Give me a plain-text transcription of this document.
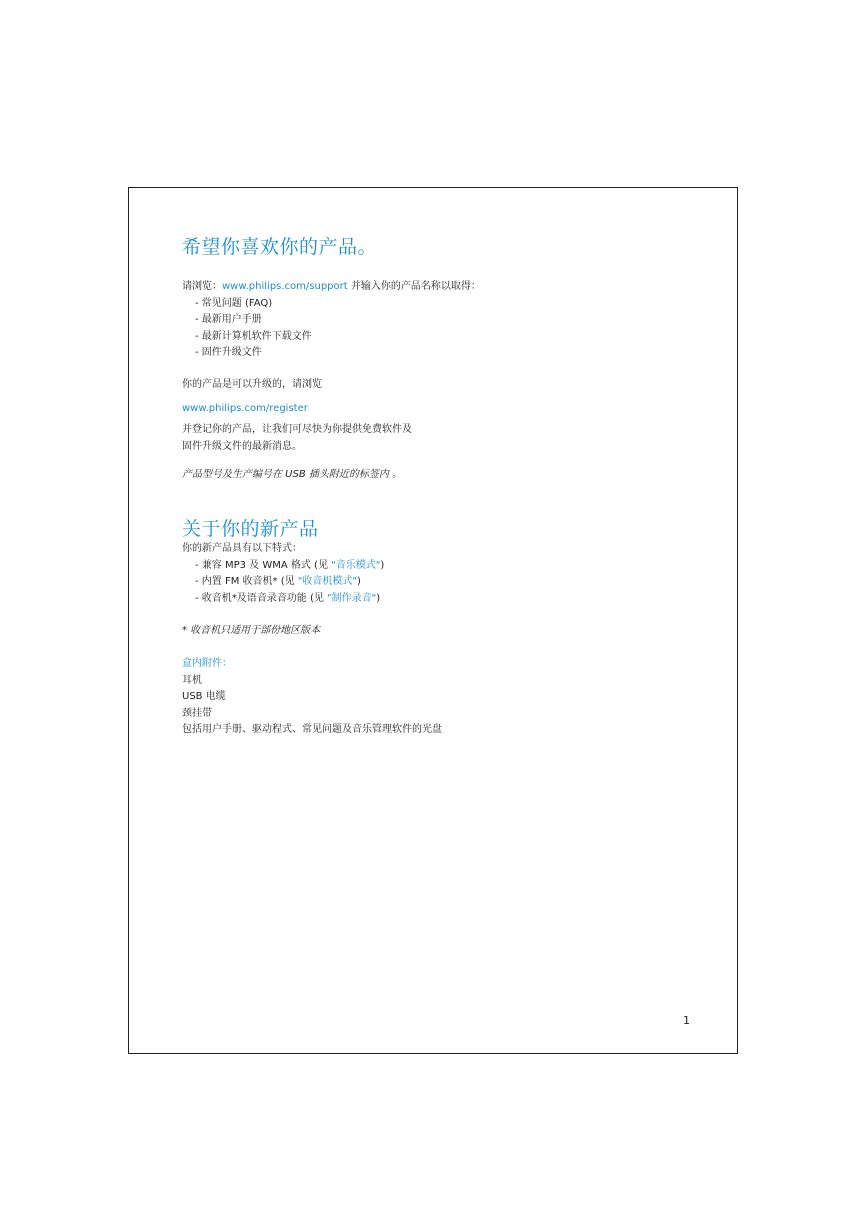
希望你喜欢你的产品。
请浏览：www.philips.com/support 并输入你的产品名称以取得：
- 常见问题 (FAQ)
- 最新用户手册
- 最新计算机软件下载文件
- 固件升级文件
你的产品是可以升级的，请浏览
www.philips.com/register
并登记你的产品，让我们可尽快为你提供免费软件及
固件升级文件的最新消息。
产品型号及生产编号在 USB 插头附近的标签内 。
关于你的新产品
你的新产品具有以下特式：
- 兼容 MP3 及 WMA 格式 (见 "音乐模式")
- 内置 FM 收音机* (见 "收音机模式")
- 收音机*及语音录音功能 (见 "制作录音")
* 收音机只适用于部份地区版本
盒内附件：
耳机
USB 电缆
颈挂带
包括用户手册、驱动程式、常见问题及音乐管理软件的光盘
1
